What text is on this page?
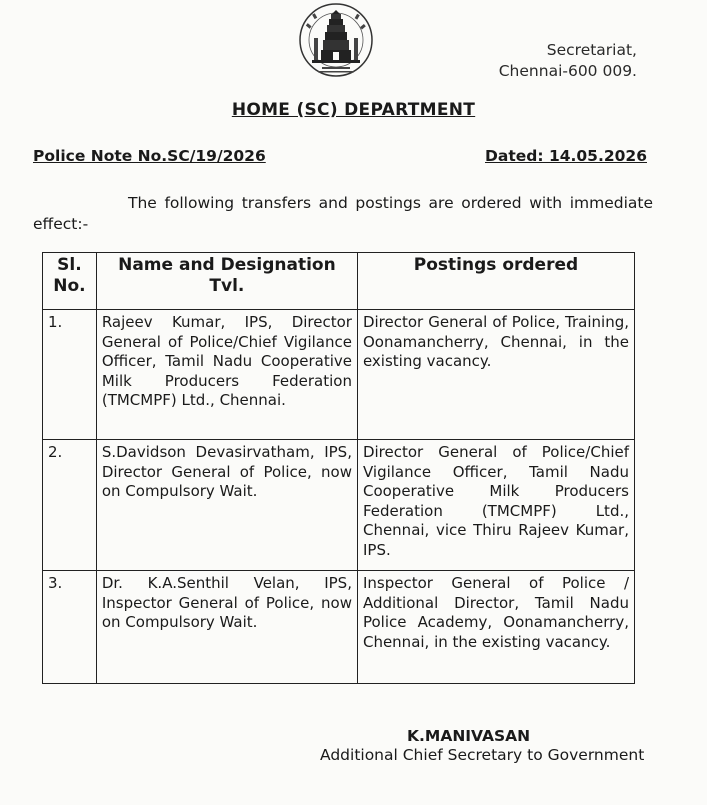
Secretariat,
Chennai-600 009.
HOME (SC) DEPARTMENT
Police Note No.SC/19/2026	Dated: 14.05.2026
The following transfers and postings are ordered with immediate effect:-
Sl. No.	Name and Designation Tvl.	Postings ordered
1.	Rajeev Kumar, IPS, Director General of Police/Chief Vigilance Officer, Tamil Nadu Cooperative Milk Producers Federation (TMCMPF) Ltd., Chennai.	Director General of Police, Training, Oonamancherry, Chennai, in the existing vacancy.
2.	S.Davidson Devasirvatham, IPS, Director General of Police, now on Compulsory Wait.	Director General of Police/Chief Vigilance Officer, Tamil Nadu Cooperative Milk Producers Federation (TMCMPF) Ltd., Chennai, vice Thiru Rajeev Kumar, IPS.
3.	Dr. K.A.Senthil Velan, IPS, Inspector General of Police, now on Compulsory Wait.	Inspector General of Police / Additional Director, Tamil Nadu Police Academy, Oonamancherry, Chennai, in the existing vacancy.
K.MANIVASAN
Additional Chief Secretary to Government
